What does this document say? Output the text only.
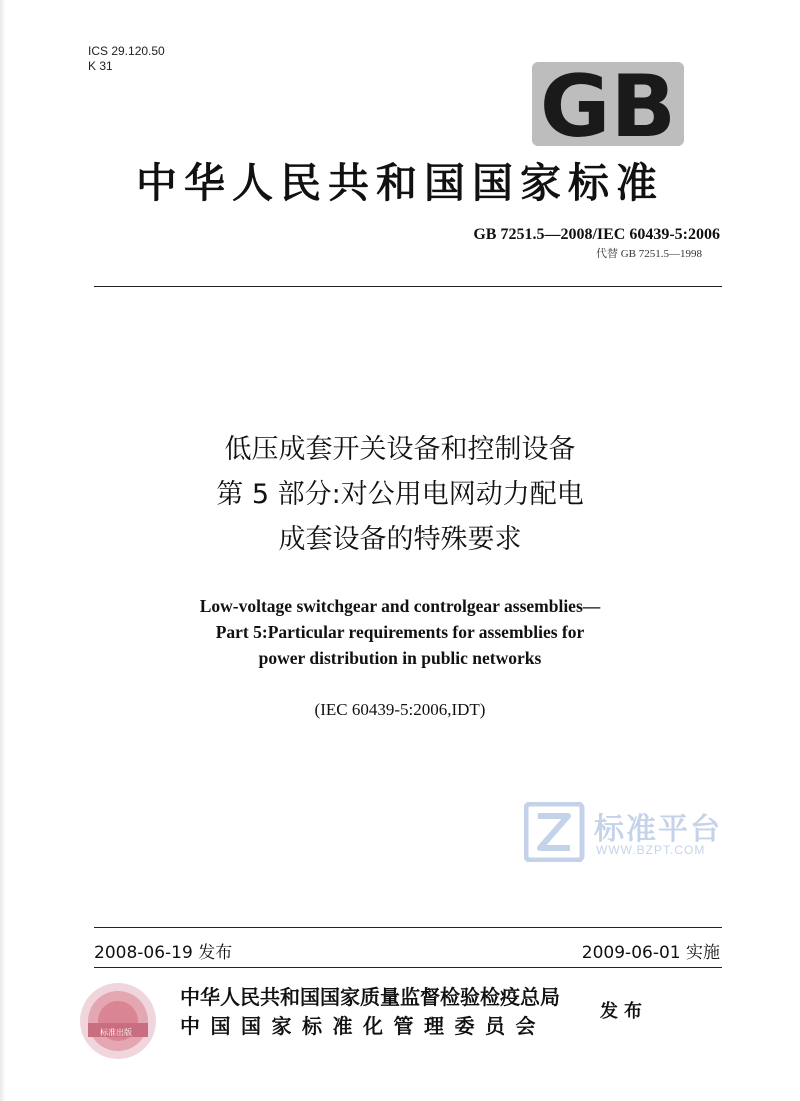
ICS 29.120.50
K 31	GB
中华人民共和国国家标准
GB 7251.5—2008/IEC 60439-5:2006
代替 GB 7251.5—1998
低压成套开关设备和控制设备
第 5 部分:对公用电网动力配电
成套设备的特殊要求
Low-voltage switchgear and controlgear assemblies—
Part 5:Particular requirements for assemblies for
power distribution in public networks
(IEC 60439-5:2006,IDT)
标准平台
WWW.BZPT.COM
2008-06-19 发布	2009-06-01 实施
标准出版
中华人民共和国国家质量监督检验检疫总局
中国国家标准化管理委员会
发布
